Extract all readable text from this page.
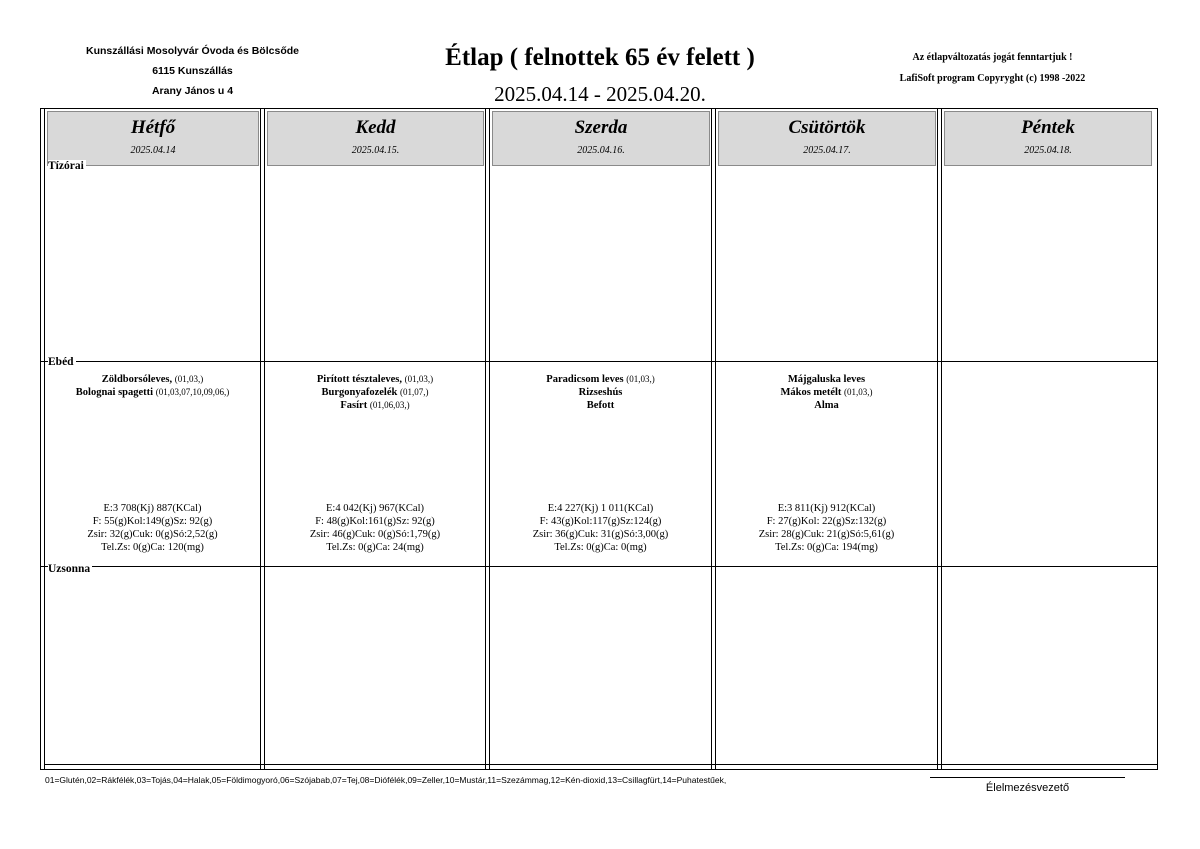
Kunszállási Mosolyvár Óvoda és Bölcsőde
6115 Kunszállás
Arany János u 4
Étlap ( felnottek 65 év felett )
2025.04.14 - 2025.04.20.
Az étlapváltozatás jogát fenntartjuk !
LafiSoft program Copyryght (c) 1998 -2022
Hétfő
2025.04.14
Kedd
2025.04.15.
Szerda
2025.04.16.
Csütörtök
2025.04.17.
Péntek
2025.04.18.
Tízórai
Ebéd
Uzsonna
Zöldborsóleves, (01,03,)
Bolognai spagetti (01,03,07,10,09,06,)
Pirított tésztaleves, (01,03,)
Burgonyafozelék (01,07,)
Fasírt (01,06,03,)
Paradicsom leves (01,03,)
Rizseshús
Befott
Májgaluska leves
Mákos metélt (01,03,)
Alma
E:3 708(Kj) 887(KCal)
F: 55(g)Kol:149(g)Sz: 92(g)
Zsir: 32(g)Cuk: 0(g)Só:2,52(g)
Tel.Zs: 0(g)Ca: 120(mg)
E:4 042(Kj) 967(KCal)
F: 48(g)Kol:161(g)Sz: 92(g)
Zsir: 46(g)Cuk: 0(g)Só:1,79(g)
Tel.Zs: 0(g)Ca: 24(mg)
E:4 227(Kj) 1 011(KCal)
F: 43(g)Kol:117(g)Sz:124(g)
Zsir: 36(g)Cuk: 31(g)Só:3,00(g)
Tel.Zs: 0(g)Ca: 0(mg)
E:3 811(Kj) 912(KCal)
F: 27(g)Kol: 22(g)Sz:132(g)
Zsir: 28(g)Cuk: 21(g)Só:5,61(g)
Tel.Zs: 0(g)Ca: 194(mg)
01=Glutén,02=Rákfélék,03=Tojás,04=Halak,05=Földimogyoró,06=Szójabab,07=Tej,08=Diófélék,09=Zeller,10=Mustár,11=Szezámmag,12=Kén-dioxid,13=Csillagfürt,14=Puhatestűek,
Élelmezésvezető
